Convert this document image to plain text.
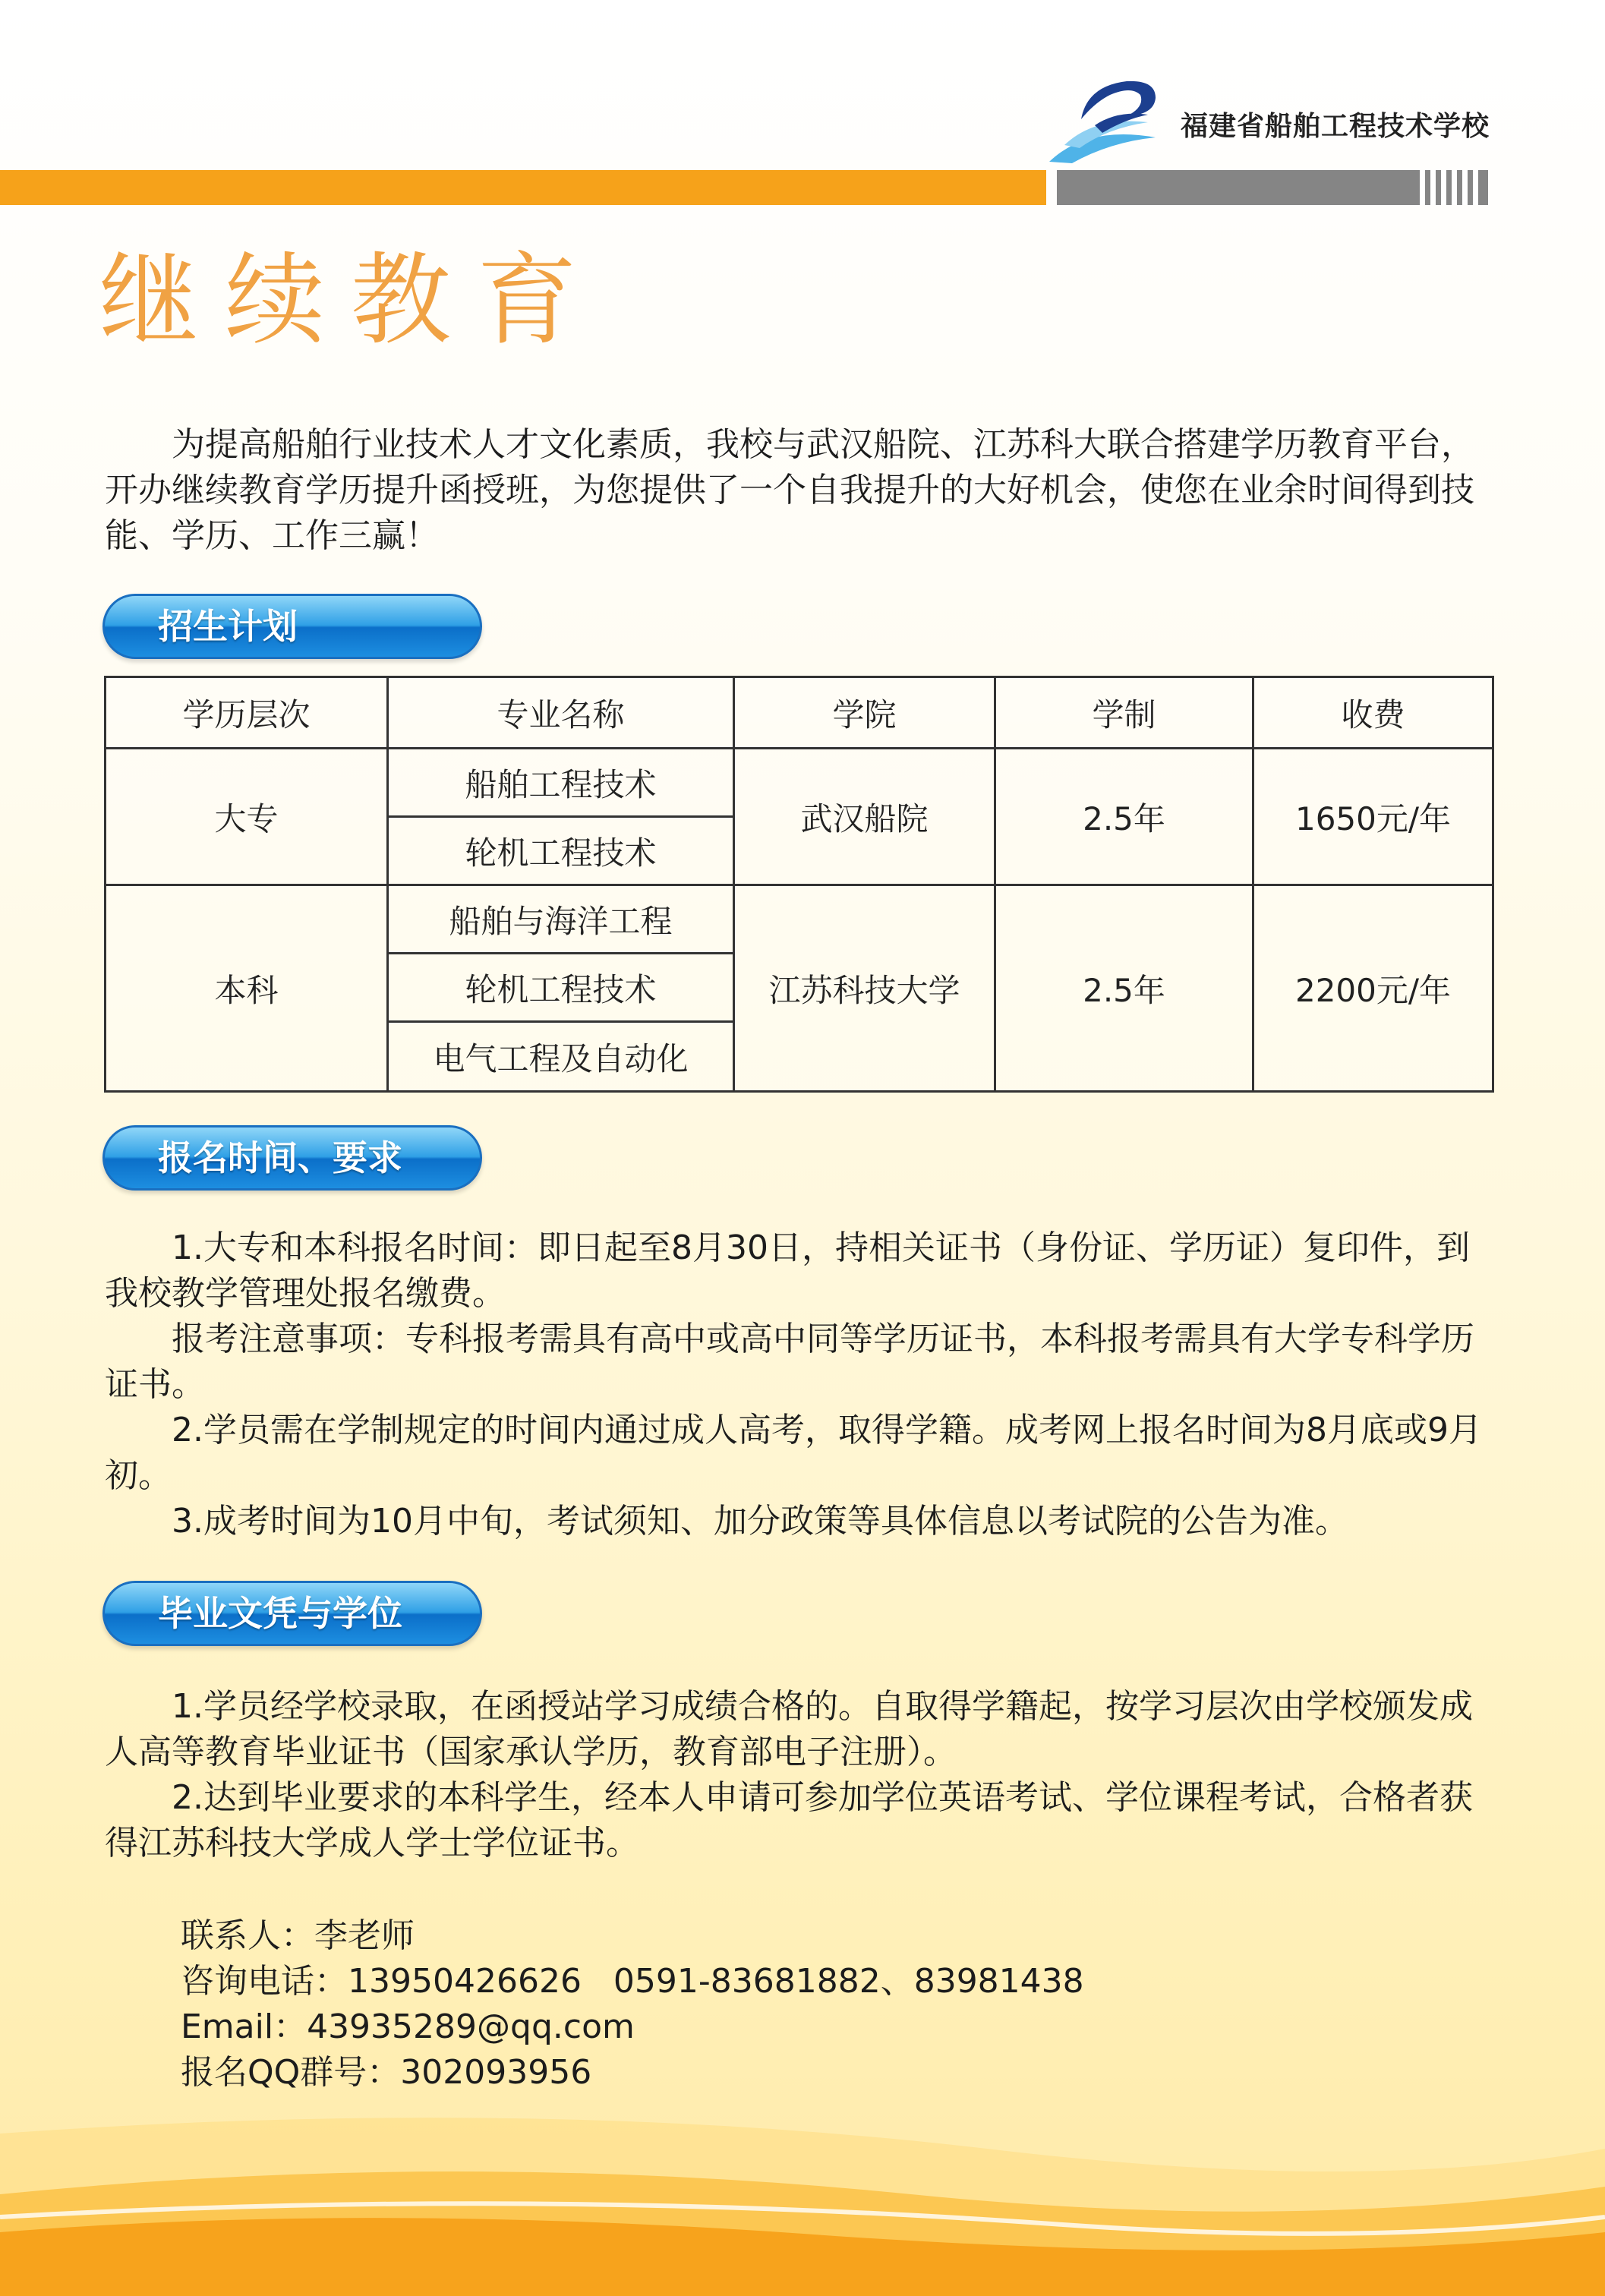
福建省船舶工程技术学校
继续教育

为提高船舶行业技术人才文化素质，我校与武汉船院、江苏科大联合搭建学历教育平台，开办继续教育学历提升函授班，为您提供了一个自我提升的大好机会，使您在业余时间得到技能、学历、工作三赢！

招生计划
学历层次	专业名称	学院	学制	收费
大专	船舶工程技术	武汉船院	2.5年	1650元/年
	轮机工程技术			
本科	船舶与海洋工程	江苏科技大学	2.5年	2200元/年
	轮机工程技术			
	电气工程及自动化			
报名时间、要求

1.大专和本科报名时间：即日起至8月30日，持相关证书（身份证、学历证）复印件，到我校教学管理处报名缴费。

报考注意事项：专科报考需具有高中或高中同等学历证书，本科报考需具有大学专科学历证书。

2.学员需在学制规定的时间内通过成人高考，取得学籍。成考网上报名时间为8月底或9月初。

3.成考时间为10月中旬，考试须知、加分政策等具体信息以考试院的公告为准。

毕业文凭与学位

1.学员经学校录取，在函授站学习成绩合格的。自取得学籍起，按学习层次由学校颁发成人高等教育毕业证书（国家承认学历，教育部电子注册）。

2.达到毕业要求的本科学生，经本人申请可参加学位英语考试、学位课程考试，合格者获得江苏科技大学成人学士学位证书。

联系人：李老师
咨询电话：13950426626   0591-83681882、83981438
Email：43935289@qq.com
报名QQ群号：302093956
